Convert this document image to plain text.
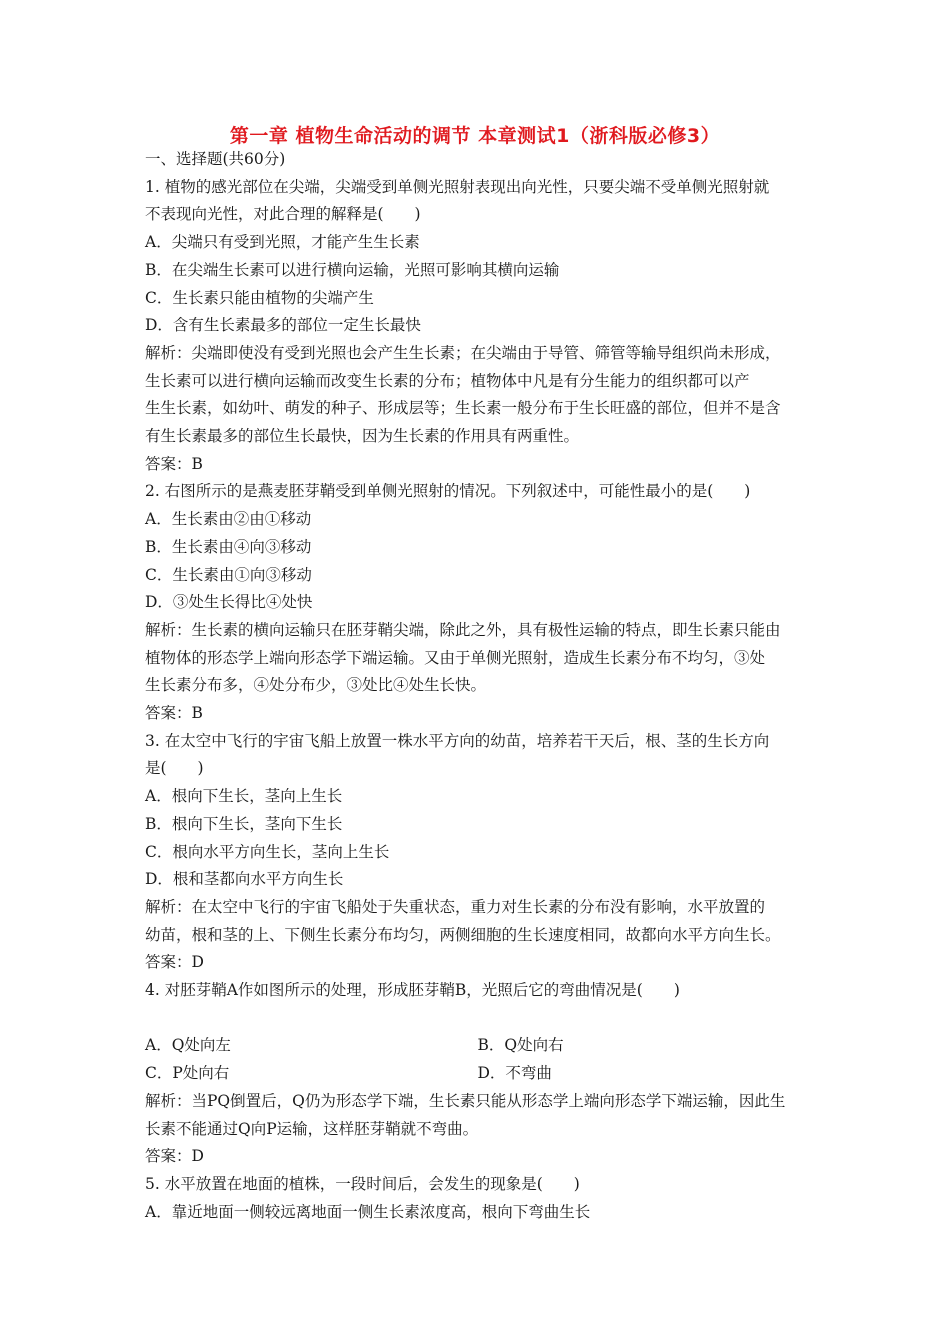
第一章 植物生命活动的调节 本章测试1（浙科版必修3）

一、选择题(共60分)

1. 植物的感光部位在尖端，尖端受到单侧光照射表现出向光性，只要尖端不受单侧光照射就

不表现向光性，对此合理的解释是(　　)

A．尖端只有受到光照，才能产生生长素

B．在尖端生长素可以进行横向运输，光照可影响其横向运输

C．生长素只能由植物的尖端产生

D．含有生长素最多的部位一定生长最快

解析：尖端即使没有受到光照也会产生生长素；在尖端由于导管、筛管等输导组织尚未形成，

生长素可以进行横向运输而改变生长素的分布；植物体中凡是有分生能力的组织都可以产

生生长素，如幼叶、萌发的种子、形成层等；生长素一般分布于生长旺盛的部位，但并不是含

有生长素最多的部位生长最快，因为生长素的作用具有两重性。

答案：B

2. 右图所示的是燕麦胚芽鞘受到单侧光照射的情况。下列叙述中，可能性最小的是(　　)

A．生长素由②由①移动

B．生长素由④向③移动

C．生长素由①向③移动

D．③处生长得比④处快

解析：生长素的横向运输只在胚芽鞘尖端，除此之外，具有极性运输的特点，即生长素只能由

植物体的形态学上端向形态学下端运输。又由于单侧光照射，造成生长素分布不均匀，③处

生长素分布多，④处分布少，③处比④处生长快。

答案：B

3. 在太空中飞行的宇宙飞船上放置一株水平方向的幼苗，培养若干天后，根、茎的生长方向

是(　　)

A．根向下生长，茎向上生长

B．根向下生长，茎向下生长

C．根向水平方向生长，茎向上生长

D．根和茎都向水平方向生长

解析：在太空中飞行的宇宙飞船处于失重状态，重力对生长素的分布没有影响，水平放置的

幼苗，根和茎的上、下侧生长素分布均匀，两侧细胞的生长速度相同，故都向水平方向生长。

答案：D

4. 对胚芽鞘A作如图所示的处理，形成胚芽鞘B，光照后它的弯曲情况是(　　)

A．Q处向左	B．Q处向右
C．P处向右	D．不弯曲

解析：当PQ倒置后，Q仍为形态学下端，生长素只能从形态学上端向形态学下端运输，因此生

长素不能通过Q向P运输，这样胚芽鞘就不弯曲。

答案：D

5. 水平放置在地面的植株，一段时间后，会发生的现象是(　　)

A．靠近地面一侧较远离地面一侧生长素浓度高，根向下弯曲生长
